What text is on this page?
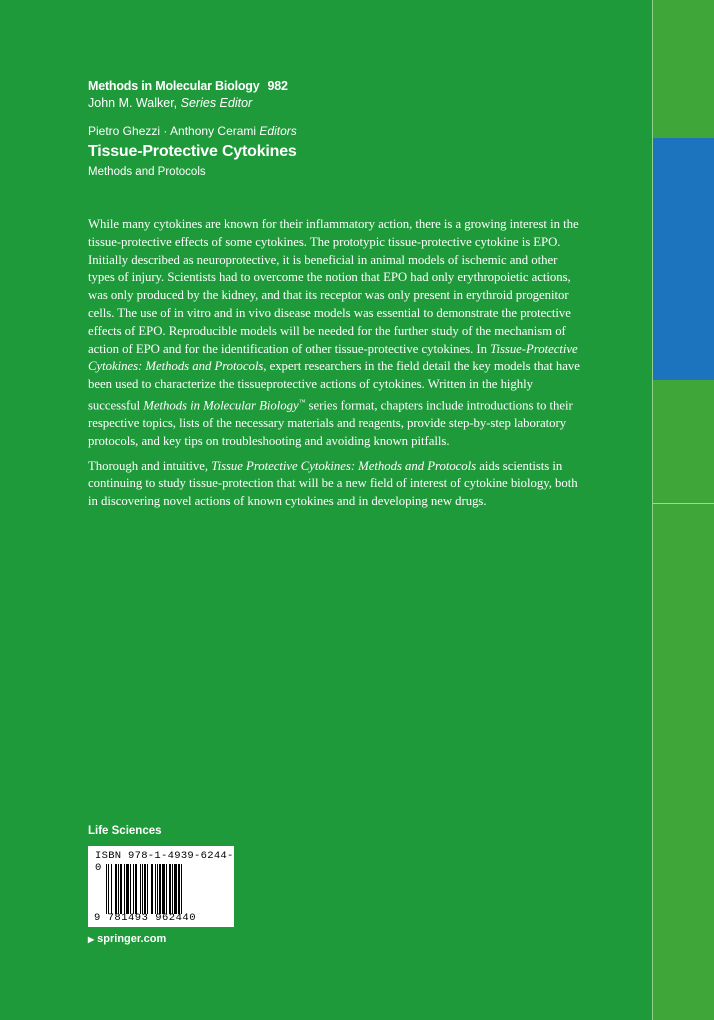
Methods in Molecular Biology 982
John M. Walker, Series Editor
Pietro Ghezzi · Anthony Cerami Editors
Tissue-Protective Cytokines
Methods and Protocols

While many cytokines are known for their inflammatory action, there is a growing interest in the tissue-protective effects of some cytokines. The prototypic tissue-protective cytokine is EPO. Initially described as neuroprotective, it is beneficial in animal models of ischemic and other types of injury. Scientists had to overcome the notion that EPO had only erythropoietic actions, was only produced by the kidney, and that its receptor was only present in erythroid progenitor cells. The use of in vitro and in vivo disease models was essential to demonstrate the protective effects of EPO. Reproducible models will be needed for the further study of the mechanism of action of EPO and for the identification of other tissue-protective cytokines. In Tissue-Protective Cytokines: Methods and Protocols, expert researchers in the field detail the key models that have been used to characterize the tissueprotective actions of cytokines. Written in the highly successful Methods in Molecular Biology™ series format, chapters include introductions to their respective topics, lists of the necessary materials and reagents, provide step-by-step laboratory protocols, and key tips on troubleshooting and avoiding known pitfalls.

Thorough and intuitive, Tissue Protective Cytokines: Methods and Protocols aids scientists in continuing to study tissue-protection that will be a new field of interest of cytokine biology, both in discovering novel actions of known cytokines and in developing new drugs.

Life Sciences
ISBN 978-1-4939-6244-0
9 781493 962440
▶ springer.com
